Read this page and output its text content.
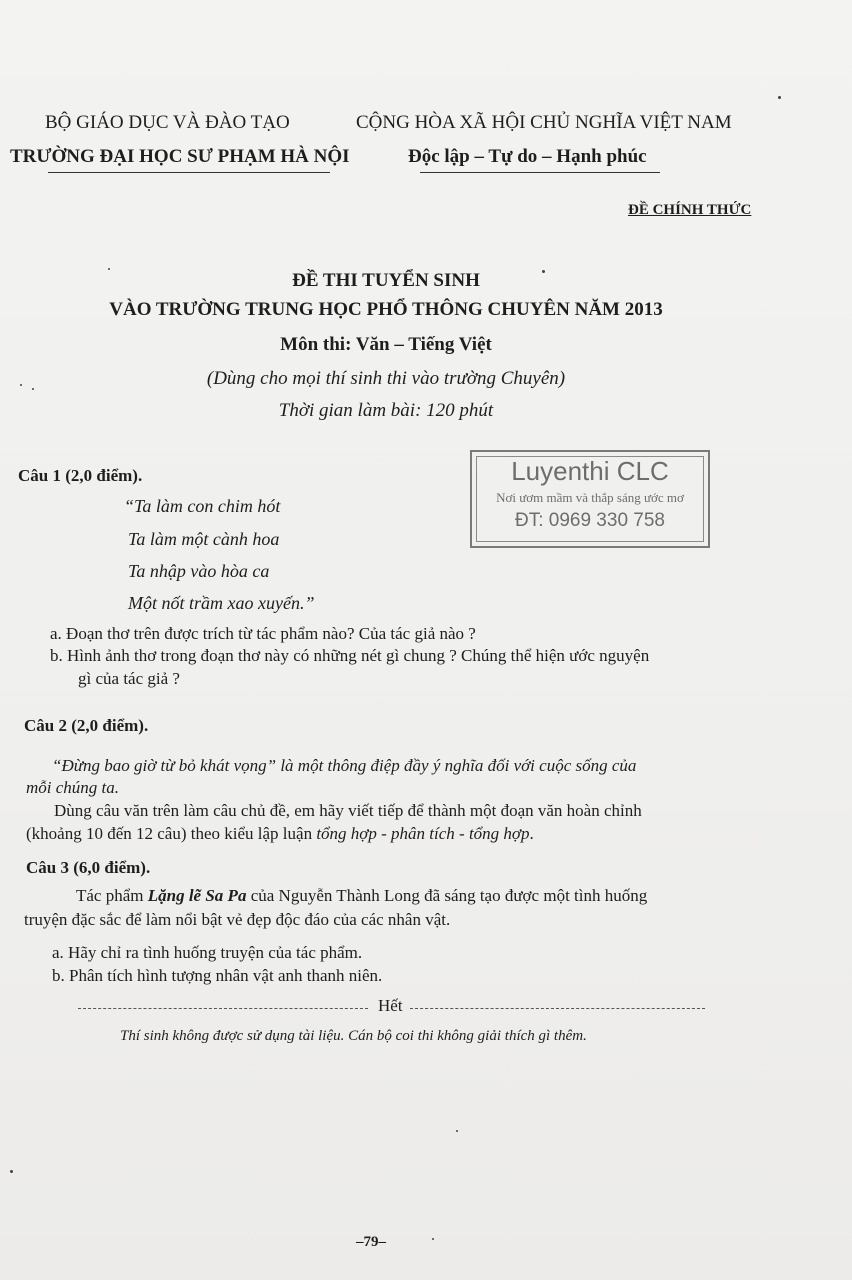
BỘ GIÁO DỤC VÀ ĐÀO TẠO
TRƯỜNG ĐẠI HỌC SƯ PHẠM HÀ NỘI
CỘNG HÒA XÃ HỘI CHỦ NGHĨA VIỆT NAM
Độc lập – Tự do – Hạnh phúc
ĐỀ CHÍNH THỨC
ĐỀ THI TUYỂN SINH
VÀO TRƯỜNG TRUNG HỌC PHỔ THÔNG CHUYÊN NĂM 2013
Môn thi: Văn – Tiếng Việt
(Dùng cho mọi thí sinh thi vào trường Chuyên)
Thời gian làm bài: 120 phút
Luyenthi CLC
Nơi ươm mầm và thắp sáng ước mơ
ĐT: 0969 330 758
Câu 1 (2,0 điểm).
“Ta làm con chim hót
Ta làm một cành hoa
Ta nhập vào hòa ca
Một nốt trầm xao xuyến.”
a. Đoạn thơ trên được trích từ tác phẩm nào? Của tác giả nào ?
b. Hình ảnh thơ trong đoạn thơ này có những nét gì chung ? Chúng thể hiện ước nguyện
gì của tác giả ?
Câu 2 (2,0 điểm).
“Đừng bao giờ từ bỏ khát vọng” là một thông điệp đầy ý nghĩa đối với cuộc sống của
mỗi chúng ta.
Dùng câu văn trên làm câu chủ đề, em hãy viết tiếp để thành một đoạn văn hoàn chỉnh
(khoảng 10 đến 12 câu) theo kiểu lập luận tổng hợp - phân tích - tổng hợp.
Câu 3 (6,0 điểm).
Tác phẩm Lặng lẽ Sa Pa của Nguyễn Thành Long đã sáng tạo được một tình huống
truyện đặc sắc để làm nổi bật vẻ đẹp độc đáo của các nhân vật.
a. Hãy chỉ ra tình huống truyện của tác phẩm.
b. Phân tích hình tượng nhân vật anh thanh niên.
Hết
Thí sinh không được sử dụng tài liệu. Cán bộ coi thi không giải thích gì thêm.
–79–
